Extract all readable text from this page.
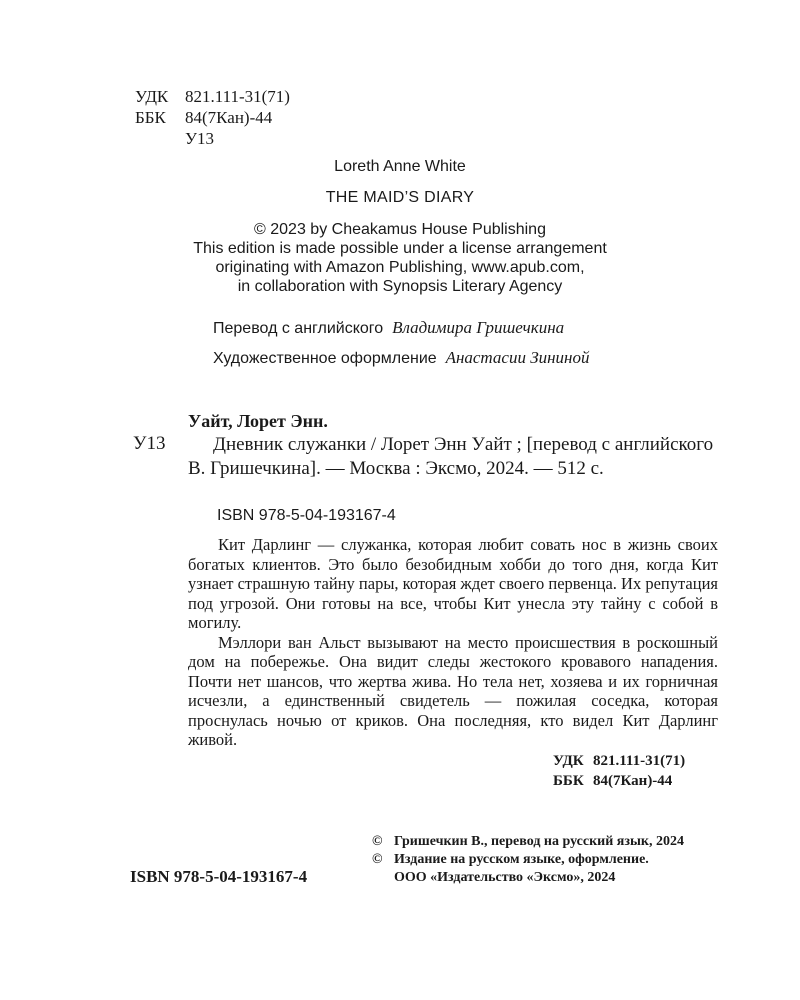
УДК 821.111-31(71)
ББК 84(7Кан)-44
У13
Loreth Anne White
THE MAID’S DIARY
© 2023 by Cheakamus House Publishing
This edition is made possible under a license arrangement
originating with Amazon Publishing, www.apub.com,
in collaboration with Synopsis Literary Agency
Перевод с английского Владимира Гришечкина
Художественное оформление Анастасии Зининой
Уайт, Лорет Энн.
У13	Дневник служанки / Лорет Энн Уайт ; [перевод с английского В. Гришечкина]. — Москва : Эксмо, 2024. — 512 с.
ISBN 978-5-04-193167-4

Кит Дарлинг — служанка, которая любит совать нос в жизнь своих богатых клиентов. Это было безобидным хобби до того дня, когда Кит узнает страшную тайну пары, которая ждет своего первенца. Их репутация под угрозой. Они готовы на все, чтобы Кит унесла эту тайну с собой в могилу.

Мэллори ван Альст вызывают на место происшествия в роскошный дом на побережье. Она видит следы жестокого кровавого нападения. Почти нет шансов, что жертва жива. Но тела нет, хозяева и их горничная исчезли, а единственный свидетель — пожилая соседка, которая проснулась ночью от криков. Она последняя, кто видел Кит Дарлинг живой.

УДК 821.111-31(71)
ББК 84(7Кан)-44
© Гришечкин В., перевод на русский язык, 2024
© Издание на русском языке, оформление.
ООО «Издательство «Эксмо», 2024
ISBN 978-5-04-193167-4
